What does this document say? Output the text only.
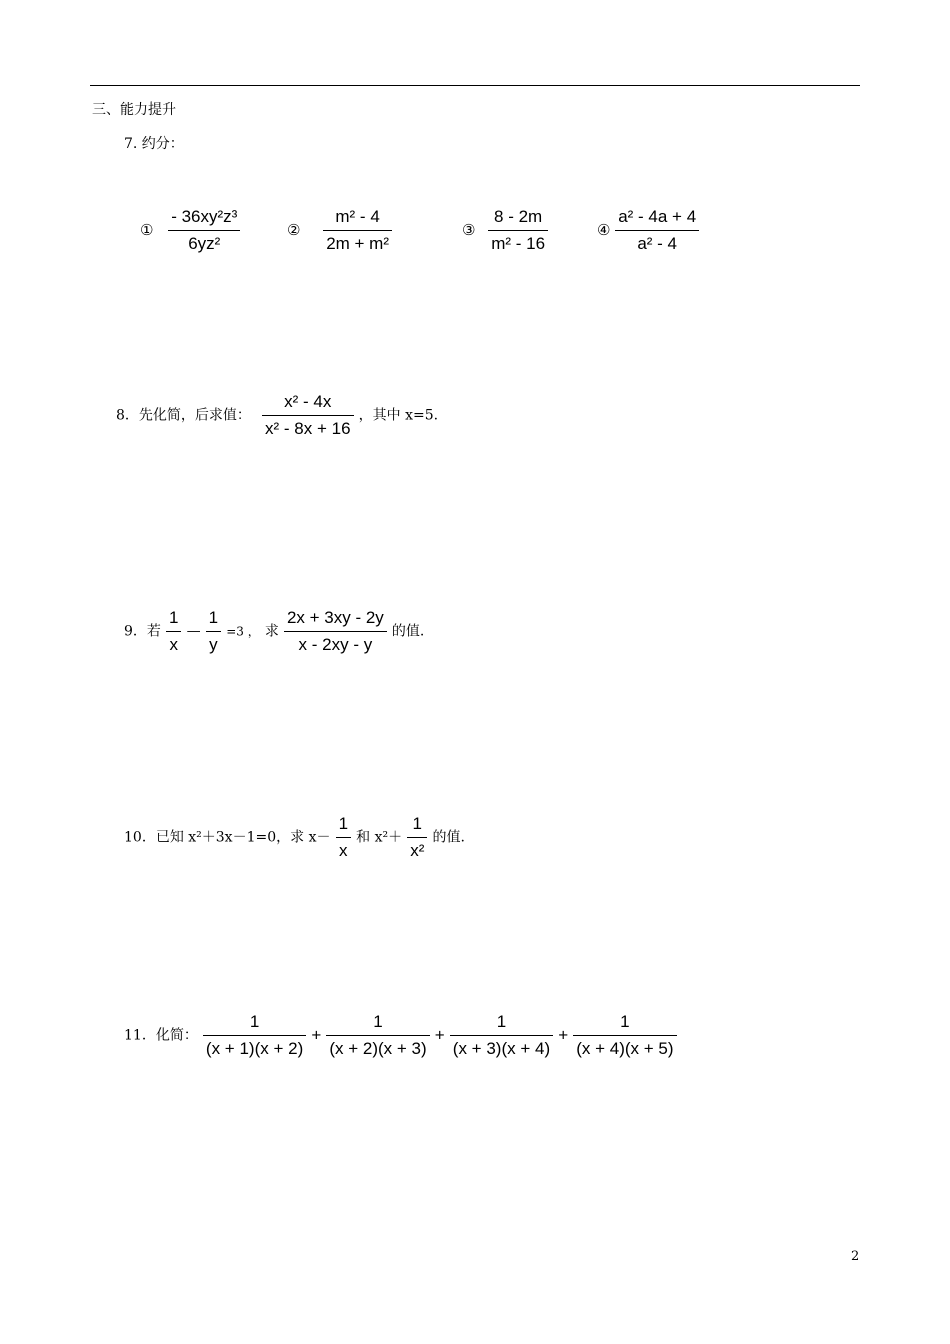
三、能力提升
7. 约分：
① $\frac{\text{- 36xy²z³}}{\text{6yz²}}$	② $\frac{\text{m² - 4}}{\text{2m + m²}}$	③ $\frac{8 - 2m}{\text{m² - 16}}$	④ $\frac{\text{a² - 4a + 4}}{\text{a² - 4}}$
8．先化简，后求值： $\frac{\text{x² - 4x}}{\text{x² - 8x + 16}}$ ，其中 x=5.
9．若 $\frac{1}{x}$ — $\frac{1}{y} =3$ ， 求 $\frac{2x + 3xy - 2y}{x - 2xy - y}$ 的值.
10．已知 x²＋3x－1=0，求 $x- \frac{1}{x}$ 和 $x^2+ \frac{1}{\text{x²}}$ 的值.
11．化简： $\frac{1}{(x + 1)(x + 2)} + \frac{1}{(x + 2)(x + 3)} + \frac{1}{(x + 3)(x + 4)} + \frac{1}{(x + 4)(x + 5)}$
2
